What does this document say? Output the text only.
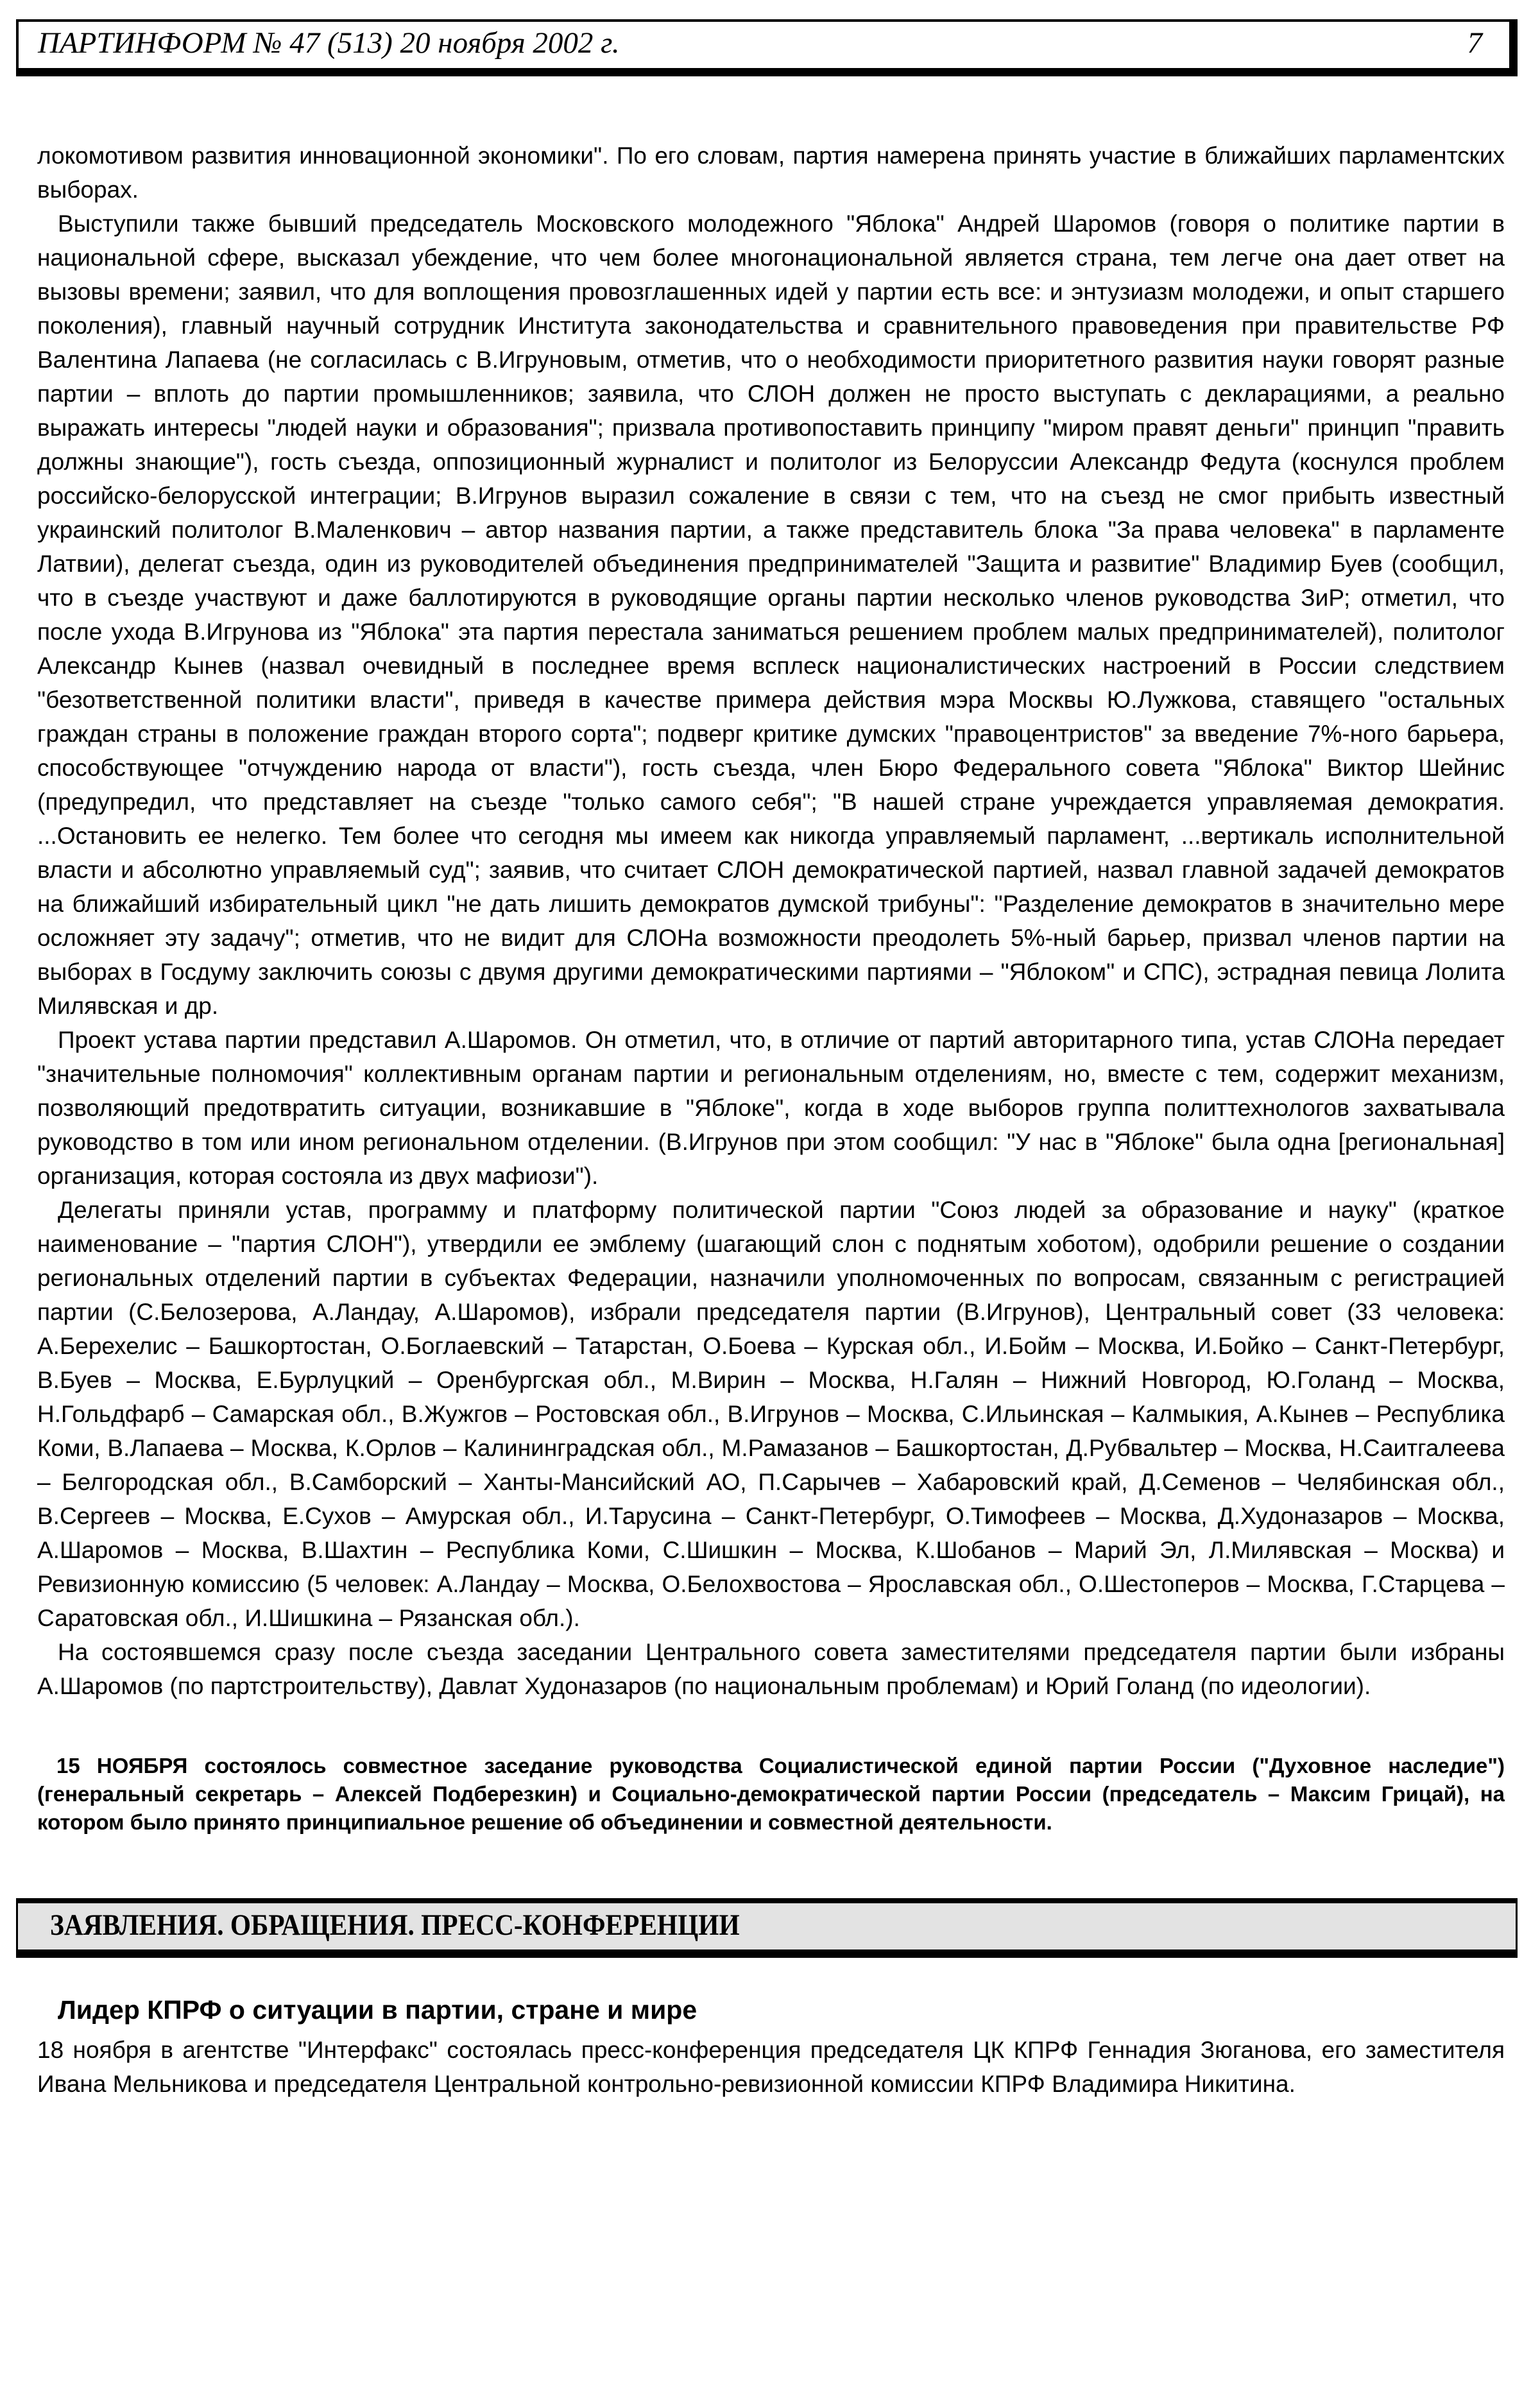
ПАРТИНФОРМ № 47 (513) 20 ноября 2002 г.	7

локомотивом развития инновационной экономики". По его словам, партия намерена принять участие в ближайших парламентских выборах.

Выступили также бывший председатель Московского молодежного "Яблока" Андрей Шаромов (говоря о политике партии в национальной сфере, высказал убеждение, что чем более многонациональной является страна, тем легче она дает ответ на вызовы времени; заявил, что для воплощения провозглашенных идей у партии есть все: и энтузиазм молодежи, и опыт старшего поколения), главный научный сотрудник Института законодательства и сравнительного правоведения при правительстве РФ Валентина Лапаева (не согласилась с В.Игруновым, отметив, что о необходимости приоритетного развития науки говорят разные партии – вплоть до партии промышленников; заявила, что СЛОН должен не просто выступать с декларациями, а реально выражать интересы "людей науки и образования"; призвала противопоставить принципу "миром правят деньги" принцип "править должны знающие"), гость съезда, оппозиционный журналист и политолог из Белоруссии Александр Федута (коснулся проблем российско-белорусской интеграции; В.Игрунов выразил сожаление в связи с тем, что на съезд не смог прибыть известный украинский политолог В.Маленкович – автор названия партии, а также представитель блока "За права человека" в парламенте Латвии), делегат съезда, один из руководителей объединения предпринимателей "Защита и развитие" Владимир Буев (сообщил, что в съезде участвуют и даже баллотируются в руководящие органы партии несколько членов руководства ЗиР; отметил, что после ухода В.Игрунова из "Яблока" эта партия перестала заниматься решением проблем малых предпринимателей), политолог Александр Кынев (назвал очевидный в последнее время всплеск националистических настроений в России следствием "безответственной политики власти", приведя в качестве примера действия мэра Москвы Ю.Лужкова, ставящего "остальных граждан страны в положение граждан второго сорта"; подверг критике думских "правоцентристов" за введение 7%-ного барьера, способствующее "отчуждению народа от власти"), гость съезда, член Бюро Федерального совета "Яблока" Виктор Шейнис (предупредил, что представляет на съезде "только самого себя"; "В нашей стране учреждается управляемая демократия. ...Остановить ее нелегко. Тем более что сегодня мы имеем как никогда управляемый парламент, ...вертикаль исполнительной власти и абсолютно управляемый суд"; заявив, что считает СЛОН демократической партией, назвал главной задачей демократов на ближайший избирательный цикл "не дать лишить демократов думской трибуны": "Разделение демократов в значительно мере осложняет эту задачу"; отметив, что не видит для СЛОНа возможности преодолеть 5%-ный барьер, призвал членов партии на выборах в Госдуму заключить союзы с двумя другими демократическими партиями – "Яблоком" и СПС), эстрадная певица Лолита Милявская и др.

Проект устава партии представил А.Шаромов. Он отметил, что, в отличие от партий авторитарного типа, устав СЛОНа передает "значительные полномочия" коллективным органам партии и региональным отделениям, но, вместе с тем, содержит механизм, позволяющий предотвратить ситуации, возникавшие в "Яблоке", когда в ходе выборов группа политтехнологов захватывала руководство в том или ином региональном отделении. (В.Игрунов при этом сообщил: "У нас в "Яблоке" была одна [региональная] организация, которая состояла из двух мафиози").

Делегаты приняли устав, программу и платформу политической партии "Союз людей за образование и науку" (краткое наименование – "партия СЛОН"), утвердили ее эмблему (шагающий слон с поднятым хоботом), одобрили решение о создании региональных отделений партии в субъектах Федерации, назначили уполномоченных по вопросам, связанным с регистрацией партии (С.Белозерова, А.Ландау, А.Шаромов), избрали председателя партии (В.Игрунов), Центральный совет (33 человека: А.Берехелис – Башкортостан, О.Боглаевский – Татарстан, О.Боева – Курская обл., И.Бойм – Москва, И.Бойко – Санкт-Петербург, В.Буев – Москва, Е.Бурлуцкий – Оренбургская обл., М.Вирин – Москва, Н.Галян – Нижний Новгород, Ю.Голанд – Москва, Н.Гольдфарб – Самарская обл., В.Жужгов – Ростовская обл., В.Игрунов – Москва, С.Ильинская – Калмыкия, А.Кынев – Республика Коми, В.Лапаева – Москва, К.Орлов – Калининградская обл., М.Рамазанов – Башкортостан, Д.Рубвальтер – Москва, Н.Саитгалеева – Белгородская обл., В.Самборский – Ханты-Мансийский АО, П.Сарычев – Хабаровский край, Д.Семенов – Челябинская обл., В.Сергеев – Москва, Е.Сухов – Амурская обл., И.Тарусина – Санкт-Петербург, О.Тимофеев – Москва, Д.Худоназаров – Москва, А.Шаромов – Москва, В.Шахтин – Республика Коми, С.Шишкин – Москва, К.Шобанов – Марий Эл, Л.Милявская – Москва) и Ревизионную комиссию (5 человек: А.Ландау – Москва, О.Белохвостова – Ярославская обл., О.Шестоперов – Москва, Г.Старцева – Саратовская обл., И.Шишкина – Рязанская обл.).

На состоявшемся сразу после съезда заседании Центрального совета заместителями председателя партии были избраны А.Шаромов (по партстроительству), Давлат Худоназаров (по национальным проблемам) и Юрий Голанд (по идеологии).

15 НОЯБРЯ состоялось совместное заседание руководства Социалистической единой партии России ("Духовное наследие") (генеральный секретарь – Алексей Подберезкин) и Социально-демократической партии России (председатель – Максим Грицай), на котором было принято принципиальное решение об объединении и совместной деятельности.

ЗАЯВЛЕНИЯ. ОБРАЩЕНИЯ. ПРЕСС-КОНФЕРЕНЦИИ
Лидер КПРФ о ситуации в партии, стране и мире

18 ноября в агентстве "Интерфакс" состоялась пресс-конференция председателя ЦК КПРФ Геннадия Зюганова, его заместителя Ивана Мельникова и председателя Центральной контрольно-ревизионной комиссии КПРФ Владимира Никитина.
